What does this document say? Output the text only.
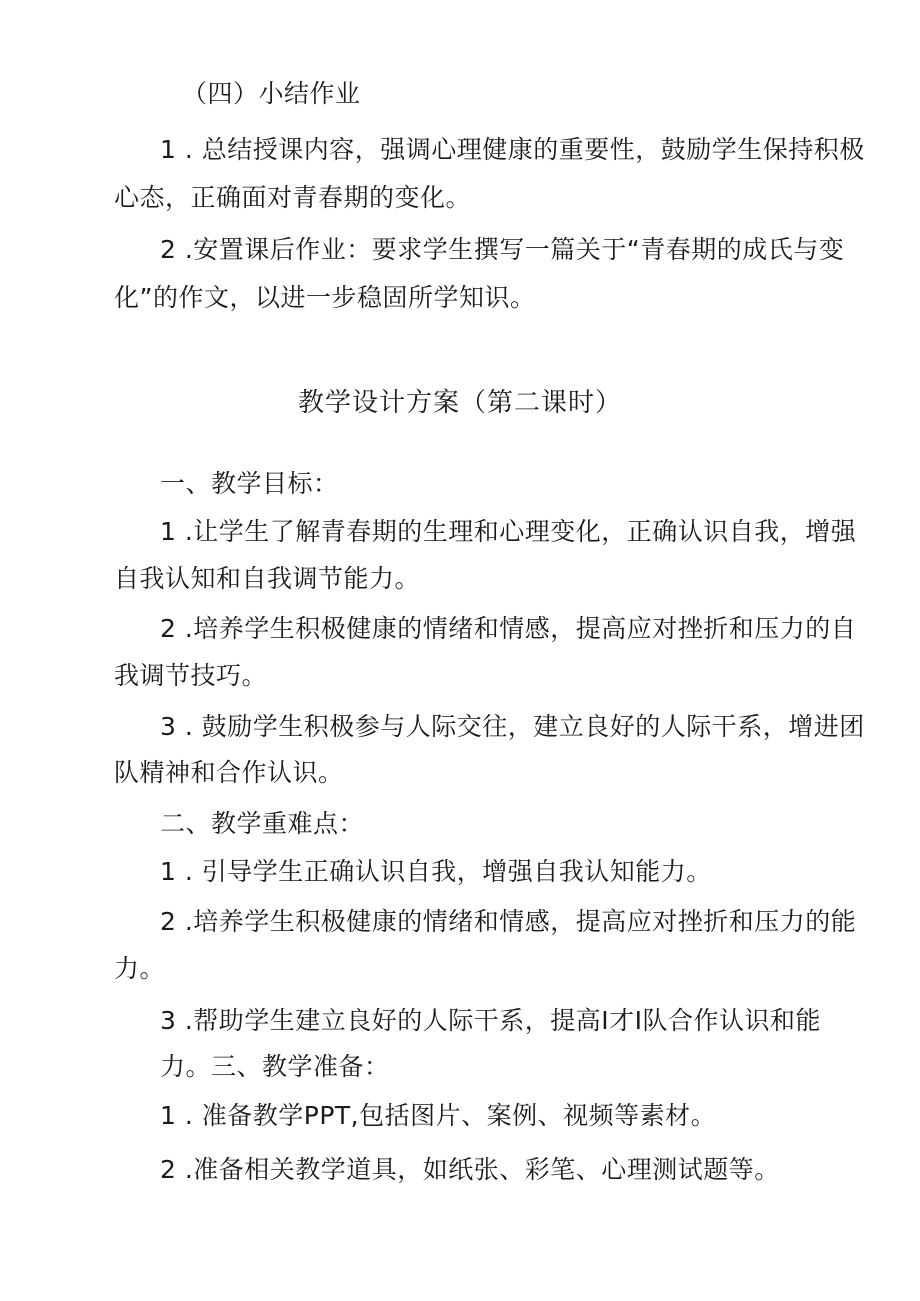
（四）小结作业
1 . 总结授课内容，强调心理健康的重要性，鼓励学生保持积极
心态，正确面对青春期的变化。
2 .安置课后作业：要求学生撰写一篇关于“青春期的成氏与变
化”的作文，以进一步稳固所学知识。
教学设计方案（第二课时）
一、教学目标：
1 .让学生了解青春期的生理和心理变化，正确认识自我，增强
自我认知和自我调节能力。
2 .培养学生积极健康的情绪和情感，提高应对挫折和压力的自
我调节技巧。
3 . 鼓励学生积极参与人际交往，建立良好的人际干系，增进团
队精神和合作认识。
二、教学重难点：
1 . 引导学生正确认识自我，增强自我认知能力。
2 .培养学生积极健康的情绪和情感，提高应对挫折和压力的能
力。
3 .帮助学生建立良好的人际干系，提高I才I队合作认识和能
力。三、教学准备：
1 . 准备教学PPT,包括图片、案例、视频等素材。
2 .准备相关教学道具，如纸张、彩笔、心理测试题等。
